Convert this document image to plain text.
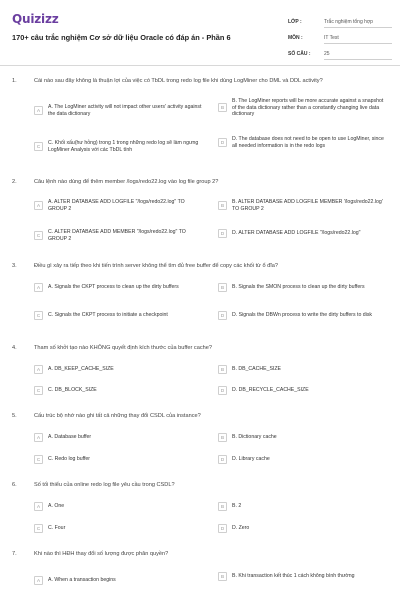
Quizizz
170+ câu trắc nghiệm Cơ sở dữ liệu Oracle có đáp án - Phần 6
LỚP :	Trắc nghiệm tổng hợp
MÔN :	IT Test
SỐ CÂU :	25
1.	Cái nào sau đây không là thuận lợi của việc có TbDL trong redo log file khi dùng LogMiner cho DML và DDL activity?
A
A. The LogMiner activity will not impact other users' activity against the data dictionary
B
B. The LogMiner reports will be more accurate against a snapshot of the data dictionary rather than a constantly changing live data dictionary
C
C. Khối xấu(hư hỏng) trong 1 trong những redo log sẽ làm ngưng LogMiner Analysis với các TbDL tính
D
D. The database does not need to be open to use LogMiner, since all needed information is in the redo logs
2.	Câu lệnh nào dùng để thêm member /logs/redo22.log vào log file group 2?
A
A. ALTER DATABASE ADD LOGFILE "/logs/redo22.log" TO GROUP 2	B
B. ALTER DATABASE ADD LOGFILE MEMBER '/logs/redo22.log' TO GROUP 2
C
C. ALTER DATABASE ADD MEMBER "/logs/redo22.log" TO GROUP 2
D	D. ALTER DATABASE ADD LOGFILE "/logs/redo22.log"
3.	Điều gì xảy ra tiếp theo khi tiến trình server không thể tìm đủ free buffer để copy các khối từ ổ đĩa?
A	A. Signals the CKPT process to clean up the dirty buffers	B	B. Signals the SMON process to clean up the dirty buffers
C	C. Signals the CKPT process to initiate a checkpoint	D	D. Signals the DBWn process to write the dirty buffers to disk
4.	Tham số khởi tạo nào KHÔNG quyết định kích thước của buffer cache?
A	A. DB_KEEP_CACHE_SIZE	B	B. DB_CACHE_SIZE
C	C. DB_BLOCK_SIZE	D	D. DB_RECYCLE_CACHE_SIZE
5.	Cấu trúc bộ nhớ nào ghi tất cả những thay đổi CSDL của instance?
A	A. Database buffer	B	B. Dictionary cache
C	C. Redo log buffer	D	D. Library cache
6.	Số tối thiểu của online redo log file yêu cầu trong CSDL?
A	A. One	B	B. 2
C	C. Four	D	D. Zero
7.	Khi nào thì HĐH thay đổi số lượng được phân quyền?
A	A. When a transaction begins
B	B. Khi transaction kết thúc 1 cách không bình thường
